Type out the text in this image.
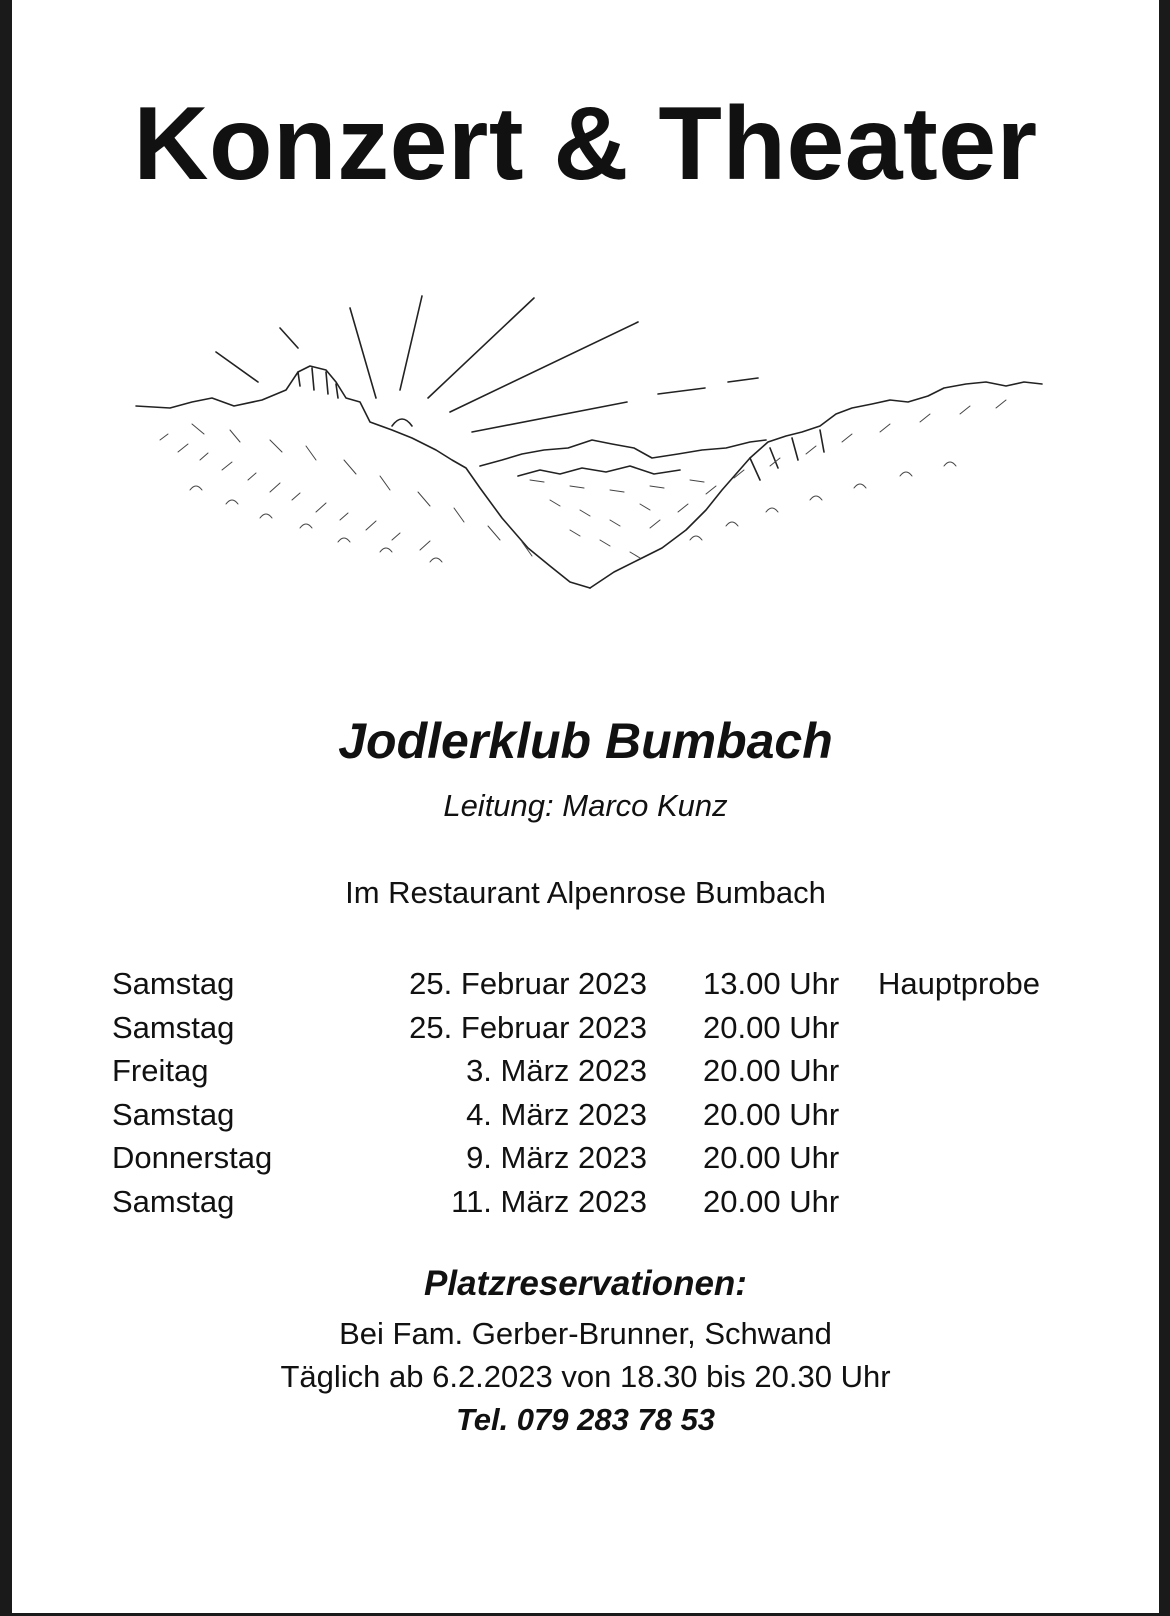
Konzert & Theater
Jodlerklub Bumbach
Leitung: Marco Kunz
Im Restaurant Alpenrose Bumbach
Samstag	25. Februar 2023 13.00 Uhr Hauptprobe
Samstag	25. Februar 2023 20.00 Uhr
Freitag	3. März 2023 20.00 Uhr
Samstag	4. März 2023 20.00 Uhr
Donnerstag	9. März 2023 20.00 Uhr
Samstag	11. März 2023 20.00 Uhr
Platzreservationen:
Bei Fam. Gerber-Brunner, Schwand
Täglich ab 6.2.2023 von 18.30 bis 20.30 Uhr
Tel. 079 283 78 53
